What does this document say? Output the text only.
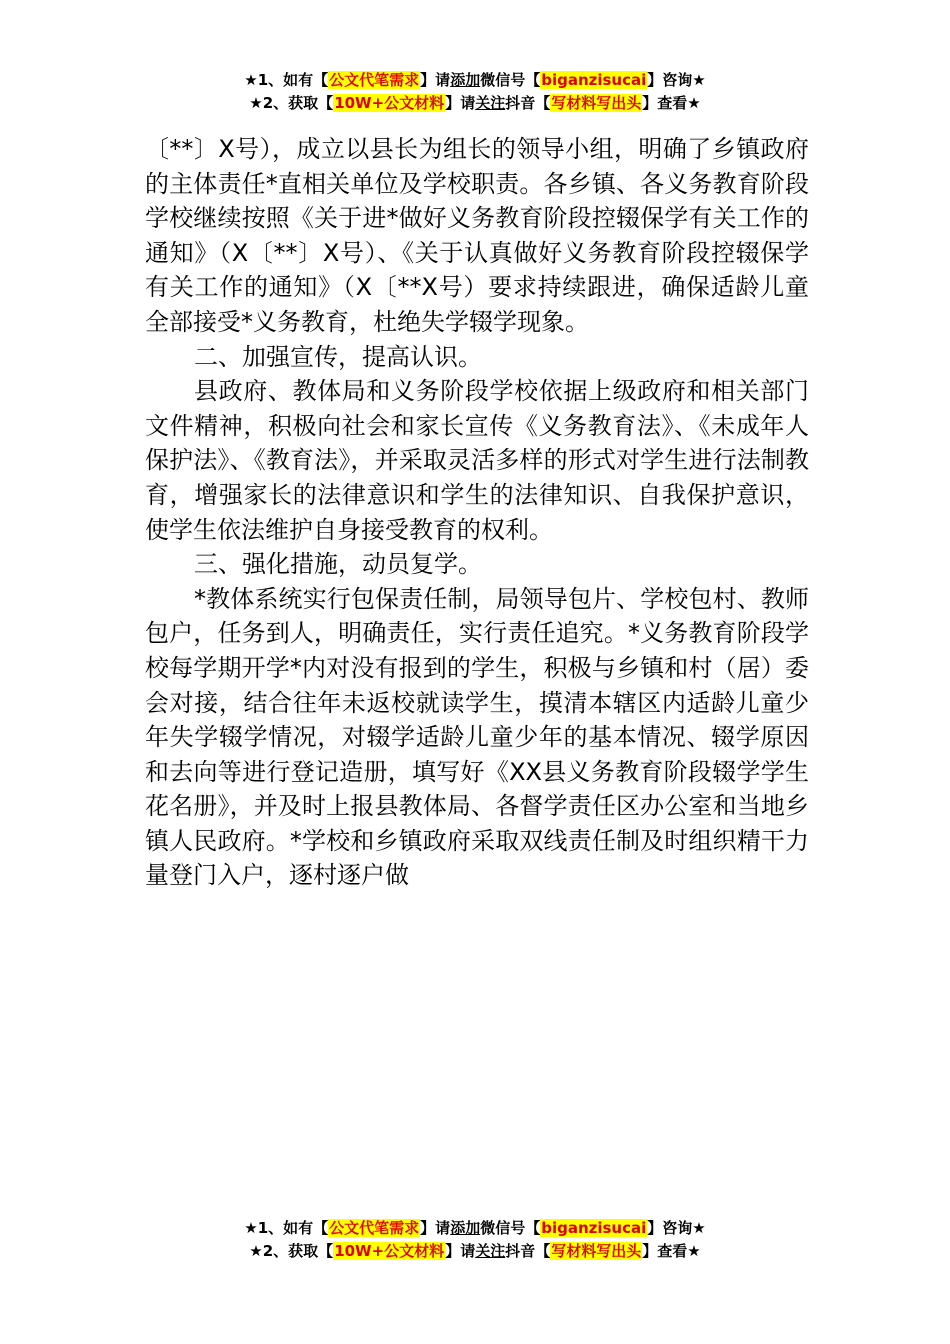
★1、如有【公文代笔需求】请添加微信号【biganzisucai】咨询★
★2、获取【10W+公文材料】请关注抖音【写材料写出头】查看★

〔**〕X号），成立以县长为组长的领导小组，明确了乡镇政府的主体责任*直相关单位及学校职责。各乡镇、各义务教育阶段学校继续按照《关于进*做好义务教育阶段控辍保学有关工作的通知》（X〔**〕X号）、《关于认真做好义务教育阶段控辍保学有关工作的通知》（X〔**X号）要求持续跟进，确保适龄儿童全部接受*义务教育，杜绝失学辍学现象。

二、加强宣传，提高认识。

县政府、教体局和义务阶段学校依据上级政府和相关部门文件精神，积极向社会和家长宣传《义务教育法》、《未成年人保护法》、《教育法》，并采取灵活多样的形式对学生进行法制教育，增强家长的法律意识和学生的法律知识、自我保护意识，使学生依法维护自身接受教育的权利。

三、强化措施，动员复学。

*教体系统实行包保责任制，局领导包片、学校包村、教师包户，任务到人，明确责任，实行责任追究。*义务教育阶段学校每学期开学*内对没有报到的学生，积极与乡镇和村（居）委会对接，结合往年未返校就读学生，摸清本辖区内适龄儿童少年失学辍学情况，对辍学适龄儿童少年的基本情况、辍学原因和去向等进行登记造册，填写好《XX县义务教育阶段辍学学生花名册》，并及时上报县教体局、各督学责任区办公室和当地乡镇人民政府。*学校和乡镇政府采取双线责任制及时组织精干力量登门入户，逐村逐户做

★1、如有【公文代笔需求】请添加微信号【biganzisucai】咨询★
★2、获取【10W+公文材料】请关注抖音【写材料写出头】查看★
